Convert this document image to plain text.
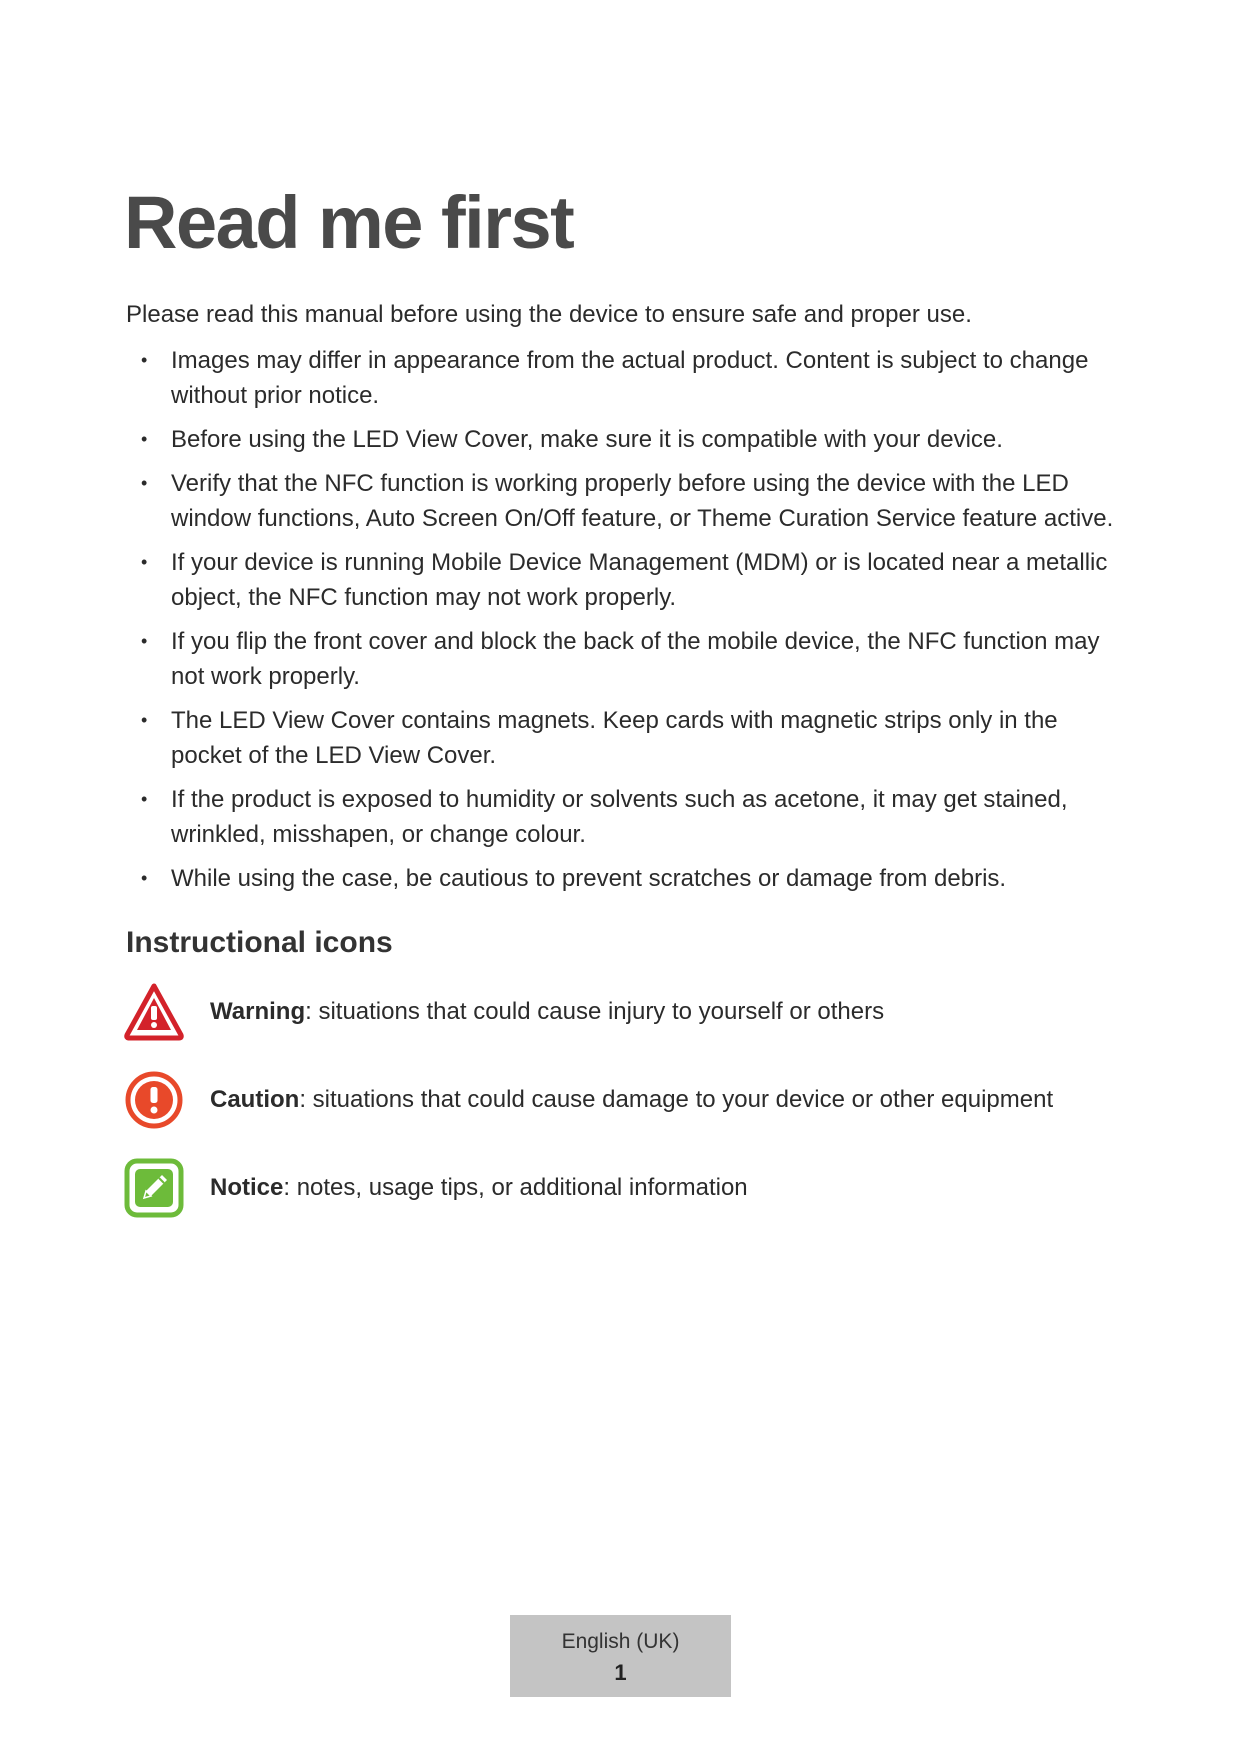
Read me first

Please read this manual before using the device to ensure safe and proper use.

• Images may differ in appearance from the actual product. Content is subject to change without prior notice.
• Before using the LED View Cover, make sure it is compatible with your device.
• Verify that the NFC function is working properly before using the device with the LED window functions, Auto Screen On/Off feature, or Theme Curation Service feature active.
• If your device is running Mobile Device Management (MDM) or is located near a metallic object, the NFC function may not work properly.
• If you flip the front cover and block the back of the mobile device, the NFC function may not work properly.
• The LED View Cover contains magnets. Keep cards with magnetic strips only in the pocket of the LED View Cover.
• If the product is exposed to humidity or solvents such as acetone, it may get stained, wrinkled, misshapen, or change colour.
• While using the case, be cautious to prevent scratches or damage from debris.
Instructional icons
Warning: situations that could cause injury to yourself or others
Caution: situations that could cause damage to your device or other equipment
Notice: notes, usage tips, or additional information
English (UK)
1
